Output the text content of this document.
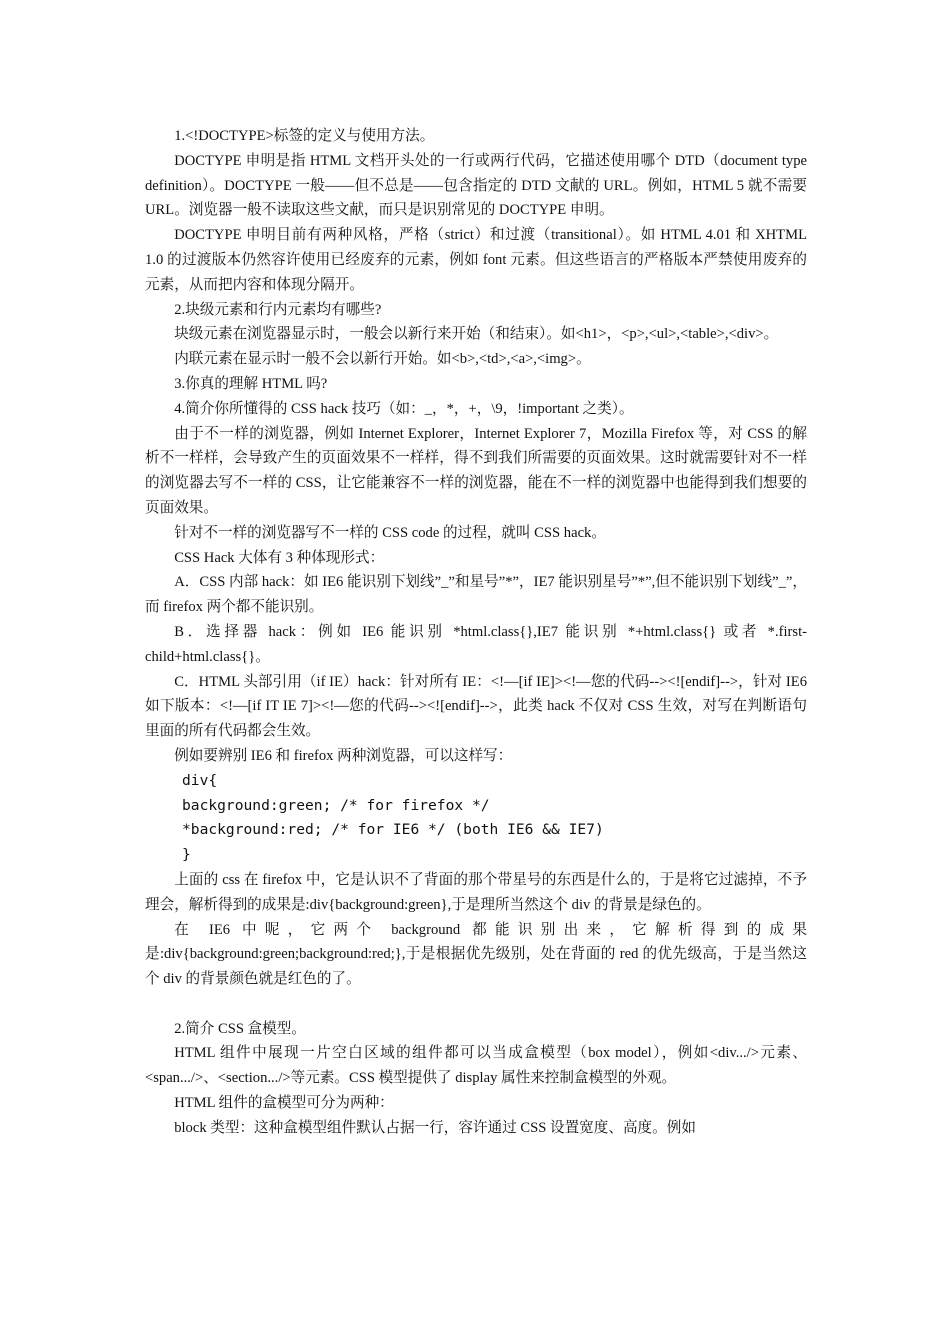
1.<!DOCTYPE>标签的定义与使用方法。

DOCTYPE 申明是指 HTML 文档开头处的一行或两行代码，它描述使用哪个 DTD（document type definition）。DOCTYPE 一般——但不总是——包含指定的 DTD 文献的 URL。例如，HTML 5 就不需要 URL。浏览器一般不读取这些文献，而只是识别常见的 DOCTYPE 申明。

DOCTYPE 申明目前有两种风格，严格（strict）和过渡（transitional）。如 HTML 4.01 和 XHTML 1.0 的过渡版本仍然容许使用已经废弃的元素，例如 font 元素。但这些语言的严格版本严禁使用废弃的元素，从而把内容和体现分隔开。

2.块级元素和行内元素均有哪些?

块级元素在浏览器显示时，一般会以新行来开始（和结束）。如<h1>，<p>,<ul>,<table>,<div>。

内联元素在显示时一般不会以新行开始。如<b>,<td>,<a>,<img>。

3.你真的理解 HTML 吗?

4.简介你所懂得的 CSS hack 技巧（如：_，*，+，\9，!important 之类）。

由于不一样的浏览器，例如 Internet Explorer，Internet Explorer 7，Mozilla Firefox 等，对 CSS 的解析不一样样，会导致产生的页面效果不一样样，得不到我们所需要的页面效果。这时就需要针对不一样的浏览器去写不一样的 CSS，让它能兼容不一样的浏览器，能在不一样的浏览器中也能得到我们想要的页面效果。

针对不一样的浏览器写不一样的 CSS code 的过程，就叫 CSS hack。

CSS Hack 大体有 3 种体现形式：

A．CSS 内部 hack：如 IE6 能识别下划线”_”和星号”*”，IE7 能识别星号”*”,但不能识别下划线”_”，而 firefox 两个都不能识别。

B．选择器 hack：例如 IE6 能识别 *html.class{},IE7 能识别 *+html.class{} 或者 *.first-child+html.class{}。

C．HTML 头部引用（if IE）hack：针对所有 IE：<!—[if IE]><!—您的代码--><![endif]-->，针对 IE6 如下版本：<!—[if IT IE 7]><!—您的代码--><![endif]-->，此类 hack 不仅对 CSS 生效，对写在判断语句里面的所有代码都会生效。

例如要辨别 IE6 和 firefox 两种浏览器，可以这样写：

div{
background:green; /* for firefox */
*background:red; /* for IE6 */ (both IE6 && IE7)
}

上面的 css 在 firefox 中，它是认识不了背面的那个带星号的东西是什么的，于是将它过滤掉，不予理会，解析得到的成果是:div{background:green},于是理所当然这个 div 的背景是绿色的。

在 IE6 中呢，它两个 background 都能识别出来，它解析得到的成果是:div{background:green;background:red;},于是根据优先级别，处在背面的 red 的优先级高，于是当然这个 div 的背景颜色就是红色的了。

2.简介 CSS 盒模型。

HTML 组件中展现一片空白区域的组件都可以当成盒模型（box model），例如<div.../>元素、<span.../>、<section.../>等元素。CSS 模型提供了 display 属性来控制盒模型的外观。

HTML 组件的盒模型可分为两种：

block 类型：这种盒模型组件默认占据一行，容许通过 CSS 设置宽度、高度。例如
